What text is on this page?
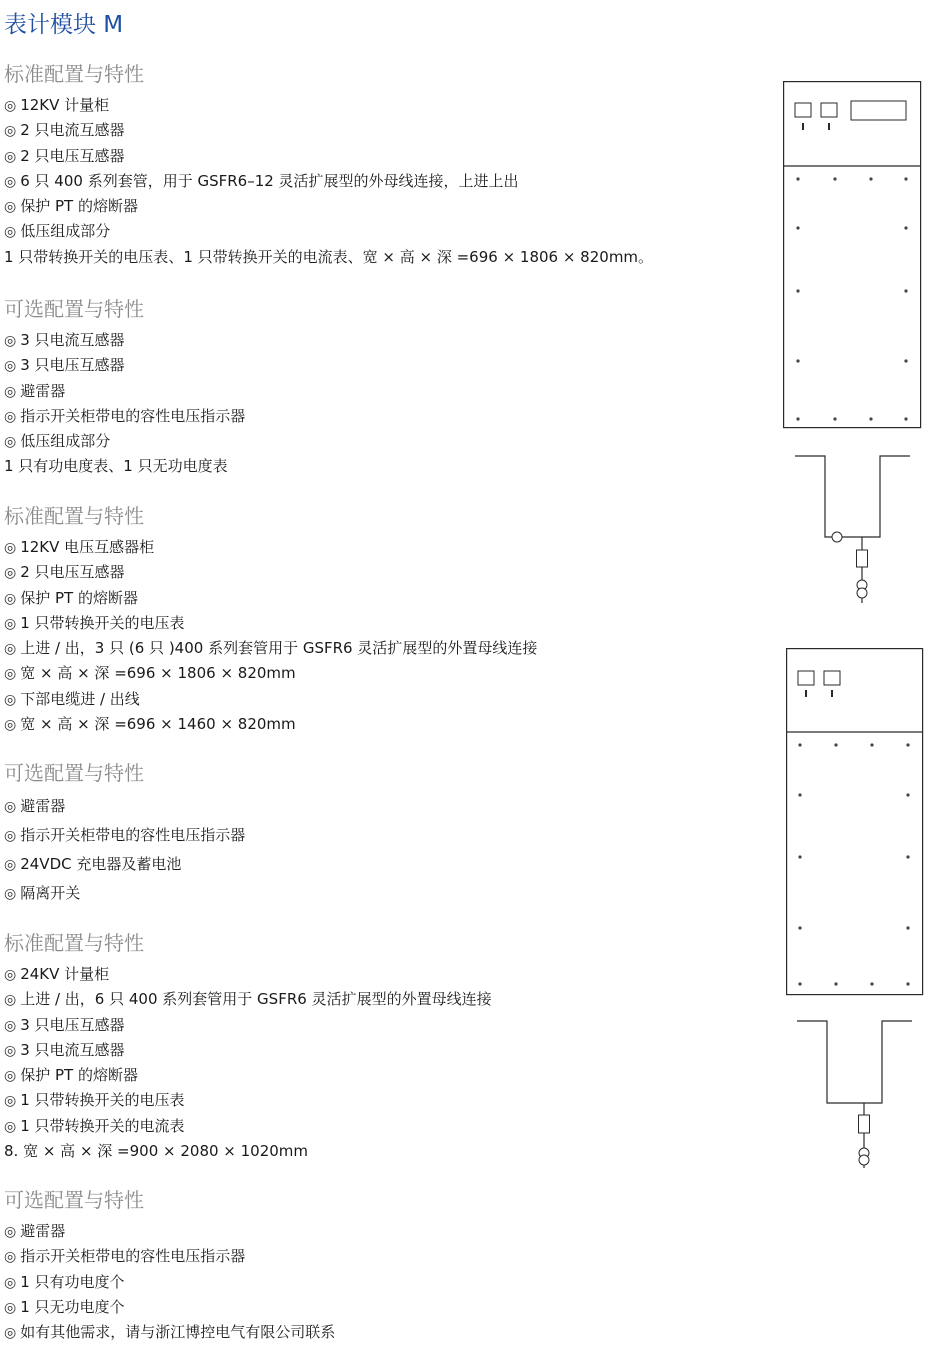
表计模块 M
标准配置与特性
◎ 12KV 计量柜
◎ 2 只电流互感器
◎ 2 只电压互感器
◎ 6 只 400 系列套管，用于 GSFR6–12 灵活扩展型的外母线连接，上进上出
◎ 保护 PT 的熔断器
◎ 低压组成部分
1 只带转换开关的电压表、1 只带转换开关的电流表、宽 × 高 × 深 =696 × 1806 × 820mm。
可选配置与特性
◎ 3 只电流互感器
◎ 3 只电压互感器
◎ 避雷器
◎ 指示开关柜带电的容性电压指示器
◎ 低压组成部分
1 只有功电度表、1 只无功电度表
标准配置与特性
◎ 12KV 电压互感器柜
◎ 2 只电压互感器
◎ 保护 PT 的熔断器
◎ 1 只带转换开关的电压表
◎ 上进 / 出，3 只 (6 只 )400 系列套管用于 GSFR6 灵活扩展型的外置母线连接
◎ 宽 × 高 × 深 =696 × 1806 × 820mm
◎ 下部电缆进 / 出线
◎ 宽 × 高 × 深 =696 × 1460 × 820mm
可选配置与特性
◎ 避雷器
◎ 指示开关柜带电的容性电压指示器
◎ 24VDC 充电器及蓄电池
◎ 隔离开关
标准配置与特性
◎ 24KV 计量柜
◎ 上进 / 出，6 只 400 系列套管用于 GSFR6 灵活扩展型的外置母线连接
◎ 3 只电压互感器
◎ 3 只电流互感器
◎ 保护 PT 的熔断器
◎ 1 只带转换开关的电压表
◎ 1 只带转换开关的电流表
8. 宽 × 高 × 深 =900 × 2080 × 1020mm
可选配置与特性
◎ 避雷器
◎ 指示开关柜带电的容性电压指示器
◎ 1 只有功电度个
◎ 1 只无功电度个
◎ 如有其他需求，请与浙江博控电气有限公司联系
